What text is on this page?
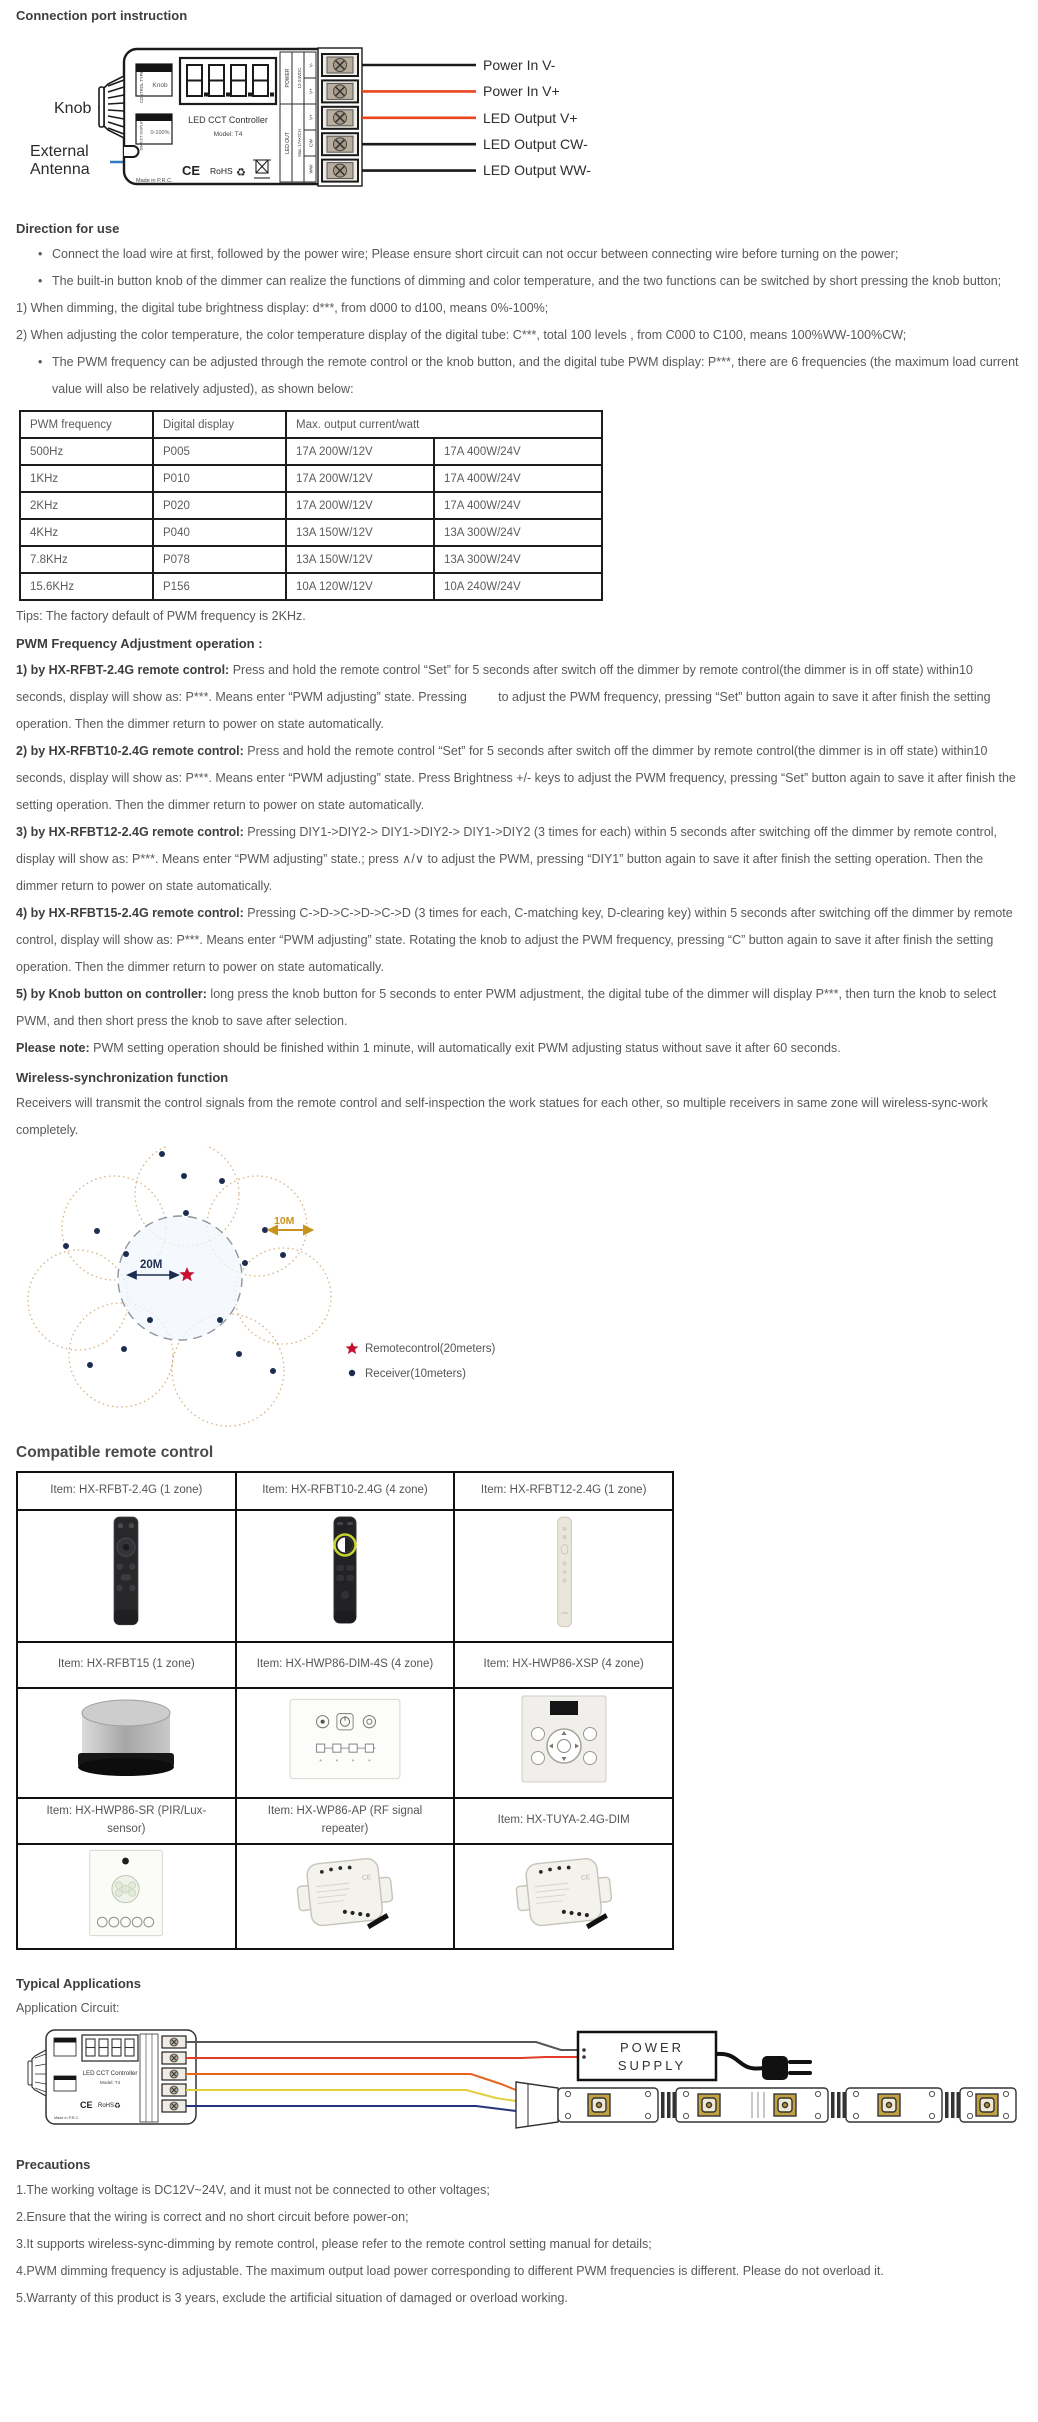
Connection port instruction
Knob
External
Antenna
CONTROL TYPE Knob
LED CCT Controller
Model: T4
DIM/CCT DISPLAY 0-100%
Made in P.R.C.
CE RoHS ♻
POWER
LED OUT
12-24VDC
Max.:17A•2CH
V-
V+
V+
CW
WW
Power In V-
Power In V+
LED Output V+
LED Output CW-
LED Output WW-
Direction for use

• Connect the load wire at first, followed by the power wire; Please ensure short circuit can not occur between connecting wire before turning on the power;

• The built-in button knob of the dimmer can realize the functions of dimming and color temperature, and the two functions can be switched by short pressing the knob button;

1) When dimming, the digital tube brightness display: d***, from d000 to d100, means 0%-100%;

2) When adjusting the color temperature, the color temperature display of the digital tube: C***, total 100 levels , from C000 to C100, means 100%WW-100%CW;

• The PWM frequency can be adjusted through the remote control or the knob button, and the digital tube PWM display: P***, there are 6 frequencies (the maximum load current value will also be relatively adjusted), as shown below:

PWM frequency	Digital display	Max. output current/watt	
500Hz	P005	17A 200W/12V	17A 400W/24V
1KHz	P010	17A 200W/12V	17A 400W/24V
2KHz	P020	17A 200W/12V	17A 400W/24V
4KHz	P040	13A 150W/12V	13A 300W/24V
7.8KHz	P078	13A 150W/12V	13A 300W/24V
15.6KHz	P156	10A 120W/12V	10A 240W/24V

Tips: The factory default of PWM frequency is 2KHz.

PWM Frequency Adjustment operation :

1) by HX-RFBT-2.4G remote control: Press and hold the remote control “Set” for 5 seconds after switch off the dimmer by remote control(the dimmer is in off state) within10 seconds, display will show as: P***. Means enter “PWM adjusting” state. Pressing         to adjust the PWM frequency, pressing “Set” button again to save it after finish the setting operation. Then the dimmer return to power on state automatically.

2) by HX-RFBT10-2.4G remote control: Press and hold the remote control “Set” for 5 seconds after switch off the dimmer by remote control(the dimmer is in off state) within10 seconds, display will show as: P***. Means enter “PWM adjusting” state. Press Brightness +/- keys to adjust the PWM frequency, pressing “Set” button again to save it after finish the setting operation. Then the dimmer return to power on state automatically.

3) by HX-RFBT12-2.4G remote control: Pressing DIY1->DIY2-> DIY1->DIY2-> DIY1->DIY2 (3 times for each) within 5 seconds after switching off the dimmer by remote control, display will show as: P***. Means enter “PWM adjusting” state.; press ∧/∨ to adjust the PWM, pressing “DIY1” button again to save it after finish the setting operation. Then the dimmer return to power on state automatically.

4) by HX-RFBT15-2.4G remote control: Pressing C->D->C->D->C->D (3 times for each, C-matching key, D-clearing key) within 5 seconds after switching off the dimmer by remote control, display will show as: P***. Means enter “PWM adjusting” state. Rotating the knob to adjust the PWM frequency, pressing “C” button again to save it after finish the setting operation. Then the dimmer return to power on state automatically.

5) by Knob button on controller: long press the knob button for 5 seconds to enter PWM adjustment, the digital tube of the dimmer will display P***, then turn the knob to select PWM, and then short press the knob to save after selection.

Please note: PWM setting operation should be finished within 1 minute, will automatically exit PWM adjusting status without save it after 60 seconds.

Wireless-synchronization function

Receivers will transmit the control signals from the remote control and self-inspection the work statues for each other, so multiple receivers in same zone will wireless-sync-work completely.

20M
10M
Remotecontrol(20meters)
Receiver(10meters)
Compatible remote control
Item: HX-RFBT-2.4G (1 zone)	Item: HX-RFBT10-2.4G (4 zone)	Item: HX-RFBT12-2.4G (1 zone)

Item: HX-RFBT15 (1 zone)	Item: HX-HWP86-DIM-4S (4 zone)	Item: HX-HWP86-XSP (4 zone)

Item: HX-HWP86-SR (PIR/Lux-sensor)	Item: HX-WP86-AP (RF signal repeater)	Item: HX-TUYA-2.4G-DIM

CE

Typical Applications

Application Circuit:

LED CCT Controller
Model: T4
CE RoHS ♻
Made in P.R.C.
POWER
SUPPLY
Precautions

1.The working voltage is DC12V~24V, and it must not be connected to other voltages;

2.Ensure that the wiring is correct and no short circuit before power-on;

3.It supports wireless-sync-dimming by remote control, please refer to the remote control setting manual for details;

4.PWM dimming frequency is adjustable. The maximum output load power corresponding to different PWM frequencies is different. Please do not overload it.

5.Warranty of this product is 3 years, exclude the artificial situation of damaged or overload working.
